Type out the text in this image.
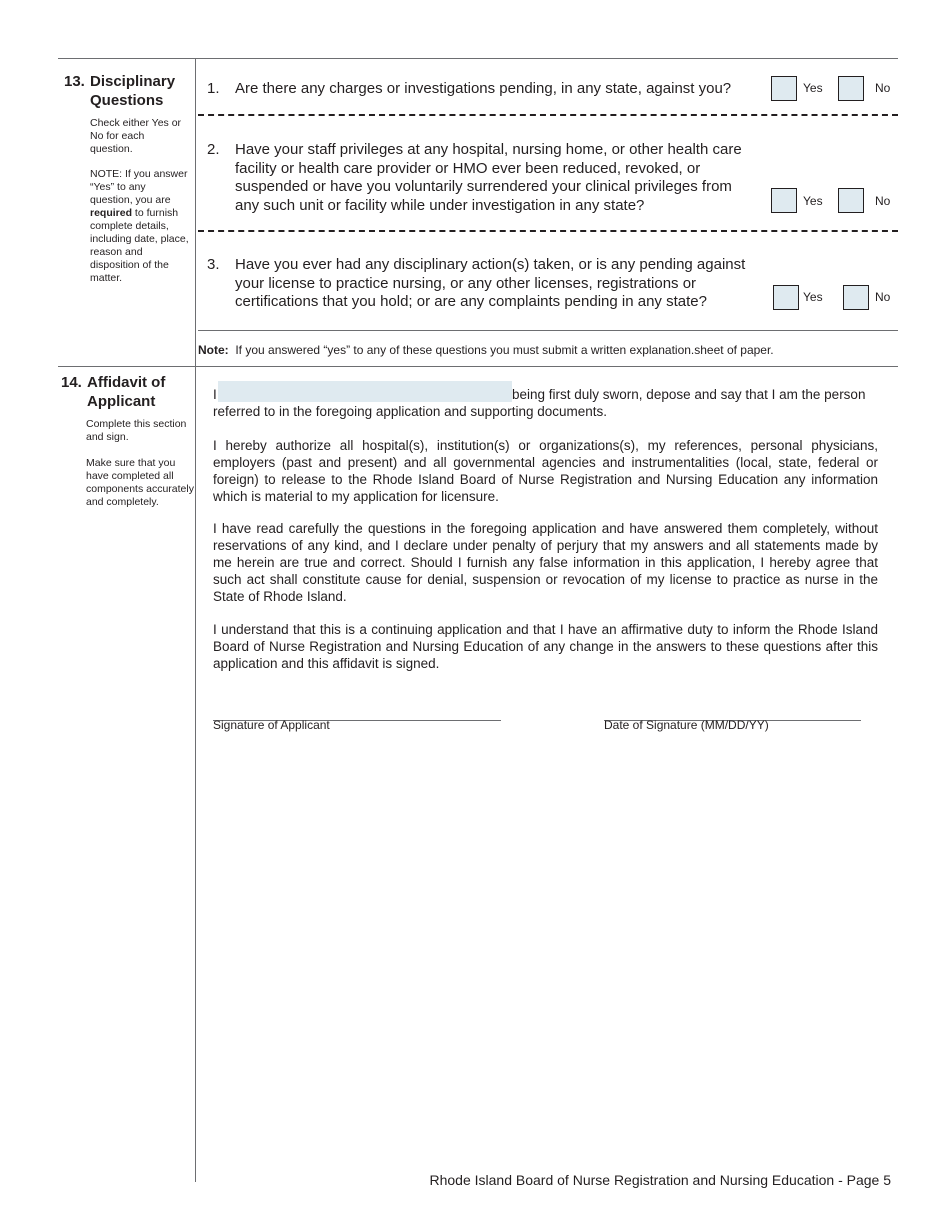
13. Disciplinary
Questions
Check either Yes or No for each question.
NOTE: If you answer “Yes” to any question, you are required to furnish complete details, including date, place, reason and disposition of the matter.
1. Are there any charges or investigations pending, in any state, against you?	Yes	No
2. Have your staff privileges at any hospital, nursing home, or other health care facility or health care provider or HMO ever been reduced, revoked, or suspended or have you voluntarily surrendered your clinical privileges from any such unit or facility while under investigation in any state?	Yes	No
3. Have you ever had any disciplinary action(s) taken, or is any pending against your license to practice nursing, or any other licenses, registrations or certifications that you hold; or are any complaints pending in any state?	Yes	No
Note: If you answered “yes” to any of these questions you must submit a written explanation.sheet of paper.
14. Affidavit of
Applicant
Complete this section and sign.
Make sure that you have completed all components accurately and completely.
I	being first duly sworn, depose and say that I am the person
referred to in the foregoing application and supporting documents.
I hereby authorize all hospital(s), institution(s) or organizations(s), my references, personal physicians, employers (past and present) and all governmental agencies and instrumentalities (local, state, federal or foreign) to release to the Rhode Island Board of Nurse Registration and Nursing Education any information which is material to my application for licensure.
I have read carefully the questions in the foregoing application and have answered them completely, without reservations of any kind, and I declare under penalty of perjury that my answers and all statements made by me herein are true and correct. Should I furnish any false information in this application, I hereby agree that such act shall constitute cause for denial, suspension or revocation of my license to practice as nurse in the State of Rhode Island.
I understand that this is a continuing application and that I have an affirmative duty to inform the Rhode Island Board of Nurse Registration and Nursing Education of any change in the answers to these questions after this application and this affidavit is signed.
Signature of Applicant	Date of Signature (MM/DD/YY)
Rhode Island Board of Nurse Registration and Nursing Education - Page 5
